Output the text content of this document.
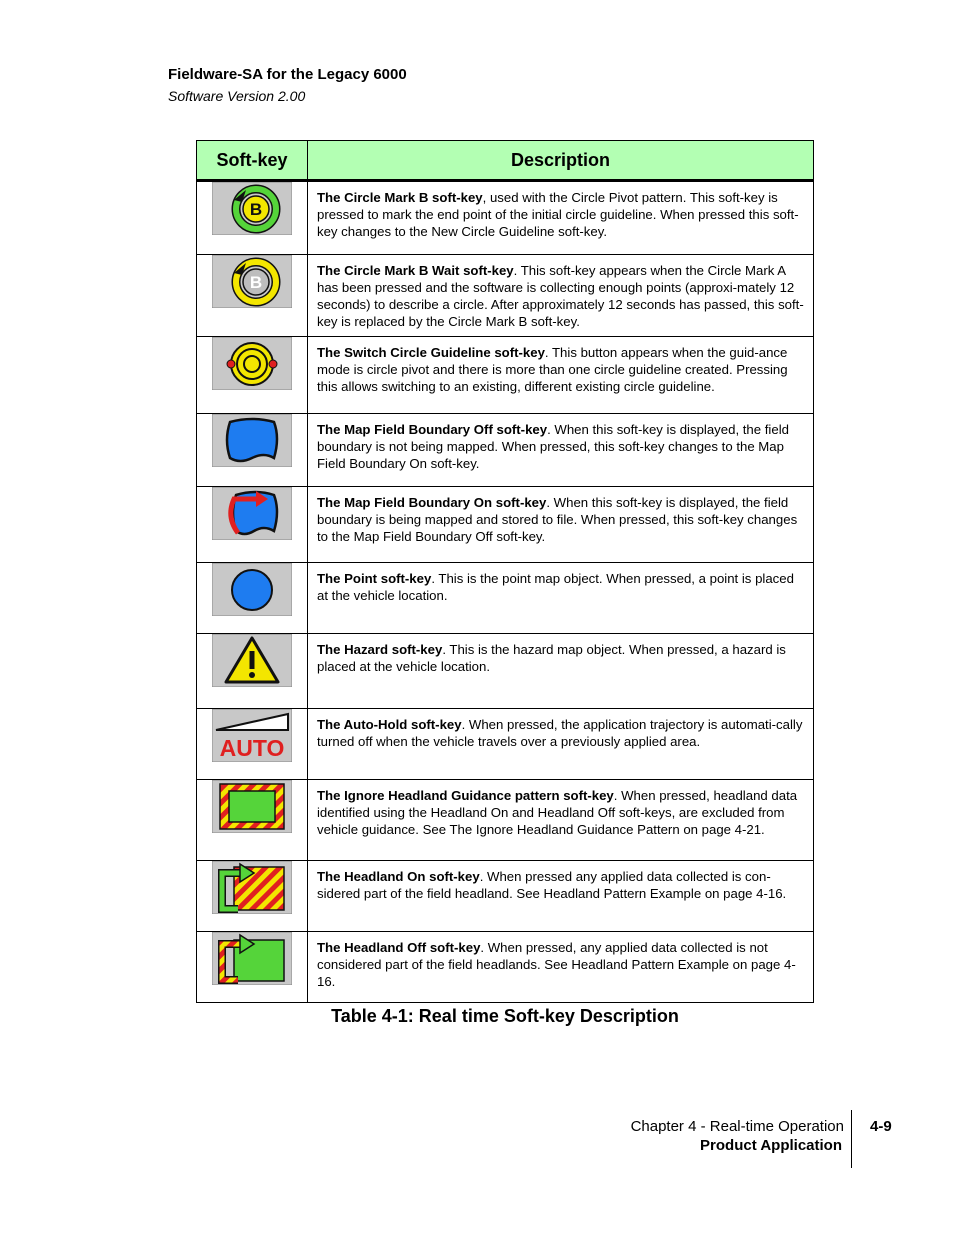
Fieldware-SA for the Legacy 6000
Software Version 2.00
Soft-key	Description

B	The Circle Mark B soft-key, used with the Circle Pivot pattern. This soft-key is pressed to mark the end point of the initial circle guideline. When pressed this soft-key changes to the New Circle Guideline soft-key.

B	The Circle Mark B Wait soft-key. This soft-key appears when the Circle Mark A has been pressed and the software is collecting enough points (approxi-mately 12 seconds) to describe a circle. After approximately 12 seconds has passed, this soft-key is replaced by the Circle Mark B soft-key.
	The Switch Circle Guideline soft-key. This button appears when the guid-ance mode is circle pivot and there is more than one circle guideline created. Pressing this allows switching to an existing, different existing circle guideline.
	The Map Field Boundary Off soft-key. When this soft-key is displayed, the field boundary is not being mapped. When pressed, this soft-key changes to the Map Field Boundary On soft-key.
	The Map Field Boundary On soft-key. When this soft-key is displayed, the field boundary is being mapped and stored to file. When pressed, this soft-key changes to the Map Field Boundary Off soft-key.
	The Point soft-key. This is the point map object. When pressed, a point is placed at the vehicle location.
	The Hazard soft-key. This is the hazard map object. When pressed, a hazard is placed at the vehicle location.

AUTO	The Auto-Hold soft-key. When pressed, the application trajectory is automati-cally turned off when the vehicle travels over a previously applied area.
	The Ignore Headland Guidance pattern soft-key. When pressed, headland data identified using the Headland On and Headland Off soft-keys, are excluded from vehicle guidance. See The Ignore Headland Guidance Pattern on page 4-21.
	The Headland On soft-key. When pressed any applied data collected is con-sidered part of the field headland. See Headland Pattern Example on page 4-16.
	The Headland Off soft-key. When pressed, any applied data collected is not considered part of the field headlands. See Headland Pattern Example on page 4-16.
Table 4-1: Real time Soft-key Description
Chapter 4 - Real-time Operation
Product Application
4-9
